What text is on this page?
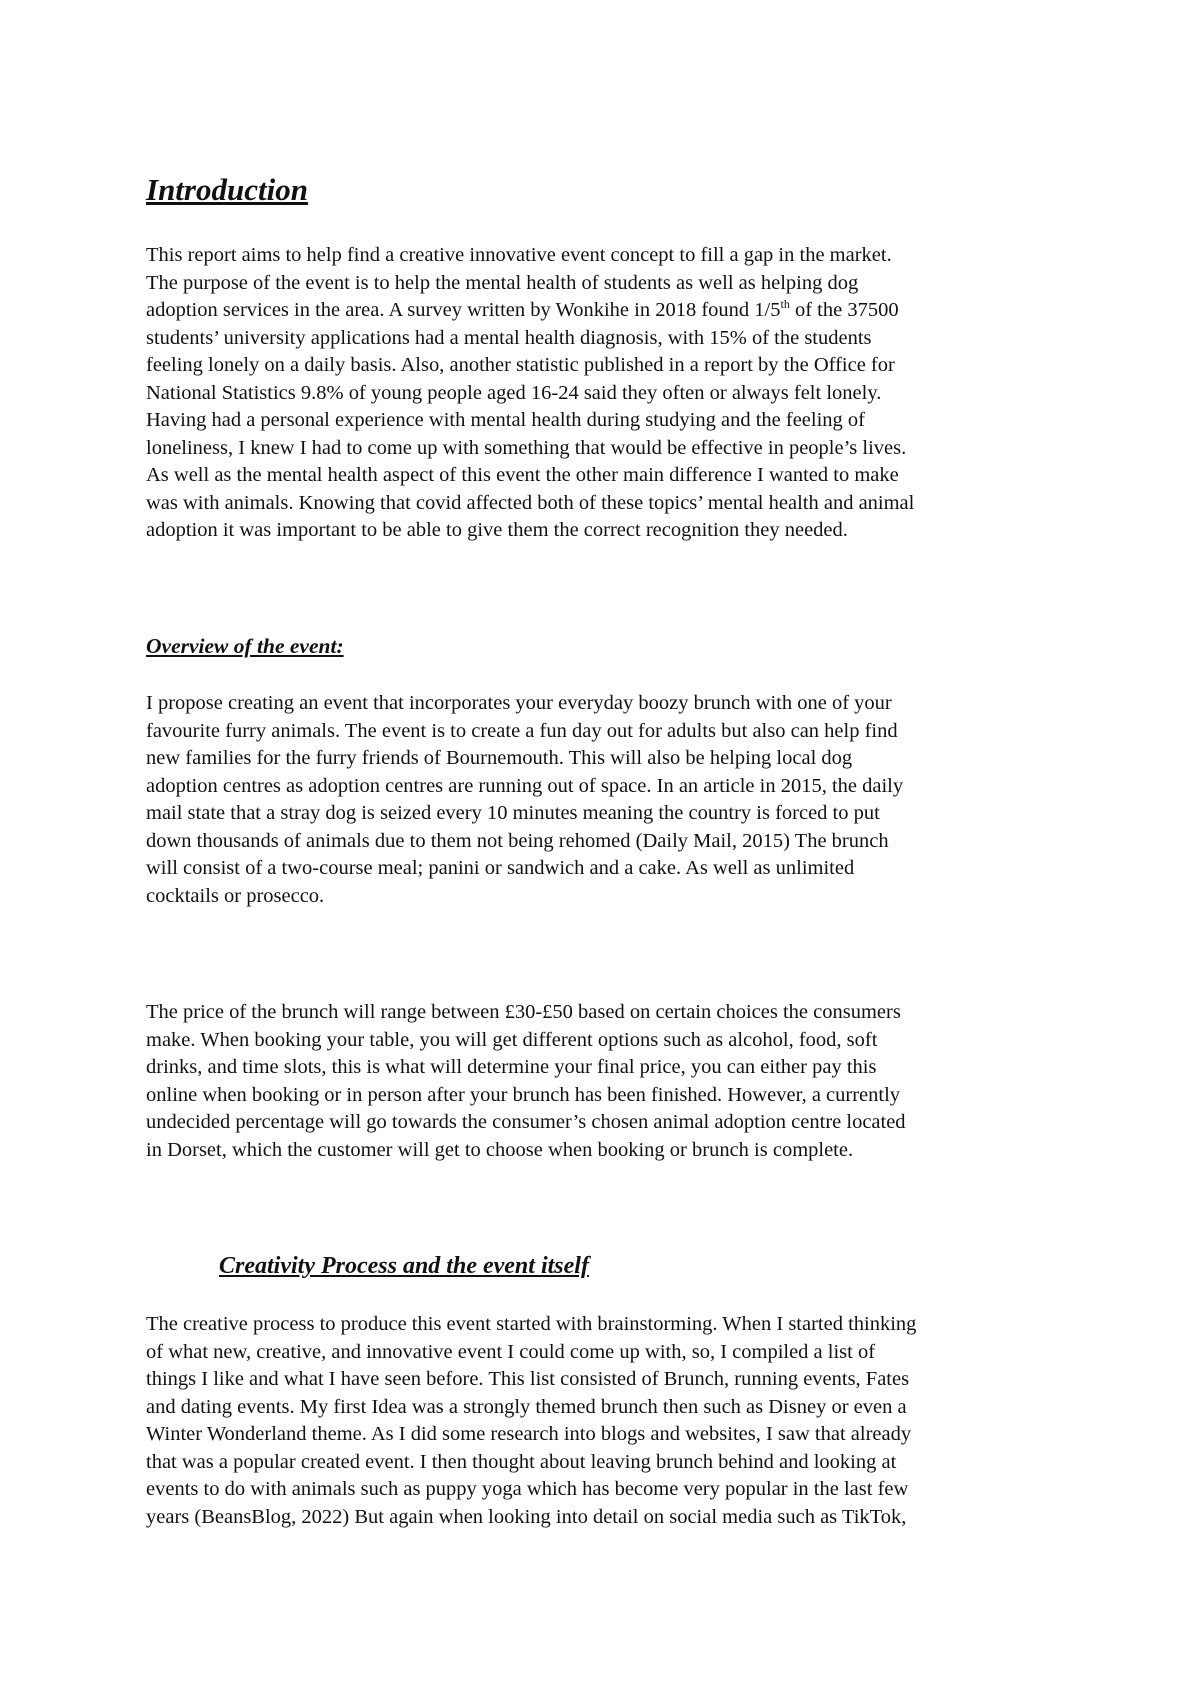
Introduction

This report aims to help find a creative innovative event concept to fill a gap in the market.
The purpose of the event is to help the mental health of students as well as helping dog
adoption services in the area. A survey written by Wonkihe in 2018 found 1/5th of the 37500
students’ university applications had a mental health diagnosis, with 15% of the students
feeling lonely on a daily basis. Also, another statistic published in a report by the Office for
National Statistics 9.8% of young people aged 16-24 said they often or always felt lonely.
Having had a personal experience with mental health during studying and the feeling of
loneliness, I knew I had to come up with something that would be effective in people’s lives.
As well as the mental health aspect of this event the other main difference I wanted to make
was with animals. Knowing that covid affected both of these topics’ mental health and animal
adoption it was important to be able to give them the correct recognition they needed.

Overview of the event:

I propose creating an event that incorporates your everyday boozy brunch with one of your
favourite furry animals. The event is to create a fun day out for adults but also can help find
new families for the furry friends of Bournemouth. This will also be helping local dog
adoption centres as adoption centres are running out of space. In an article in 2015, the daily
mail state that a stray dog is seized every 10 minutes meaning the country is forced to put
down thousands of animals due to them not being rehomed (Daily Mail, 2015) The brunch
will consist of a two-course meal; panini or sandwich and a cake. As well as unlimited
cocktails or prosecco.

The price of the brunch will range between £30-£50 based on certain choices the consumers
make. When booking your table, you will get different options such as alcohol, food, soft
drinks, and time slots, this is what will determine your final price, you can either pay this
online when booking or in person after your brunch has been finished. However, a currently
undecided percentage will go towards the consumer’s chosen animal adoption centre located
in Dorset, which the customer will get to choose when booking or brunch is complete.

Creativity Process and the event itself

The creative process to produce this event started with brainstorming. When I started thinking
of what new, creative, and innovative event I could come up with, so, I compiled a list of
things I like and what I have seen before. This list consisted of Brunch, running events, Fates
and dating events. My first Idea was a strongly themed brunch then such as Disney or even a
Winter Wonderland theme. As I did some research into blogs and websites, I saw that already
that was a popular created event. I then thought about leaving brunch behind and looking at
events to do with animals such as puppy yoga which has become very popular in the last few
years (BeansBlog, 2022) But again when looking into detail on social media such as TikTok,
